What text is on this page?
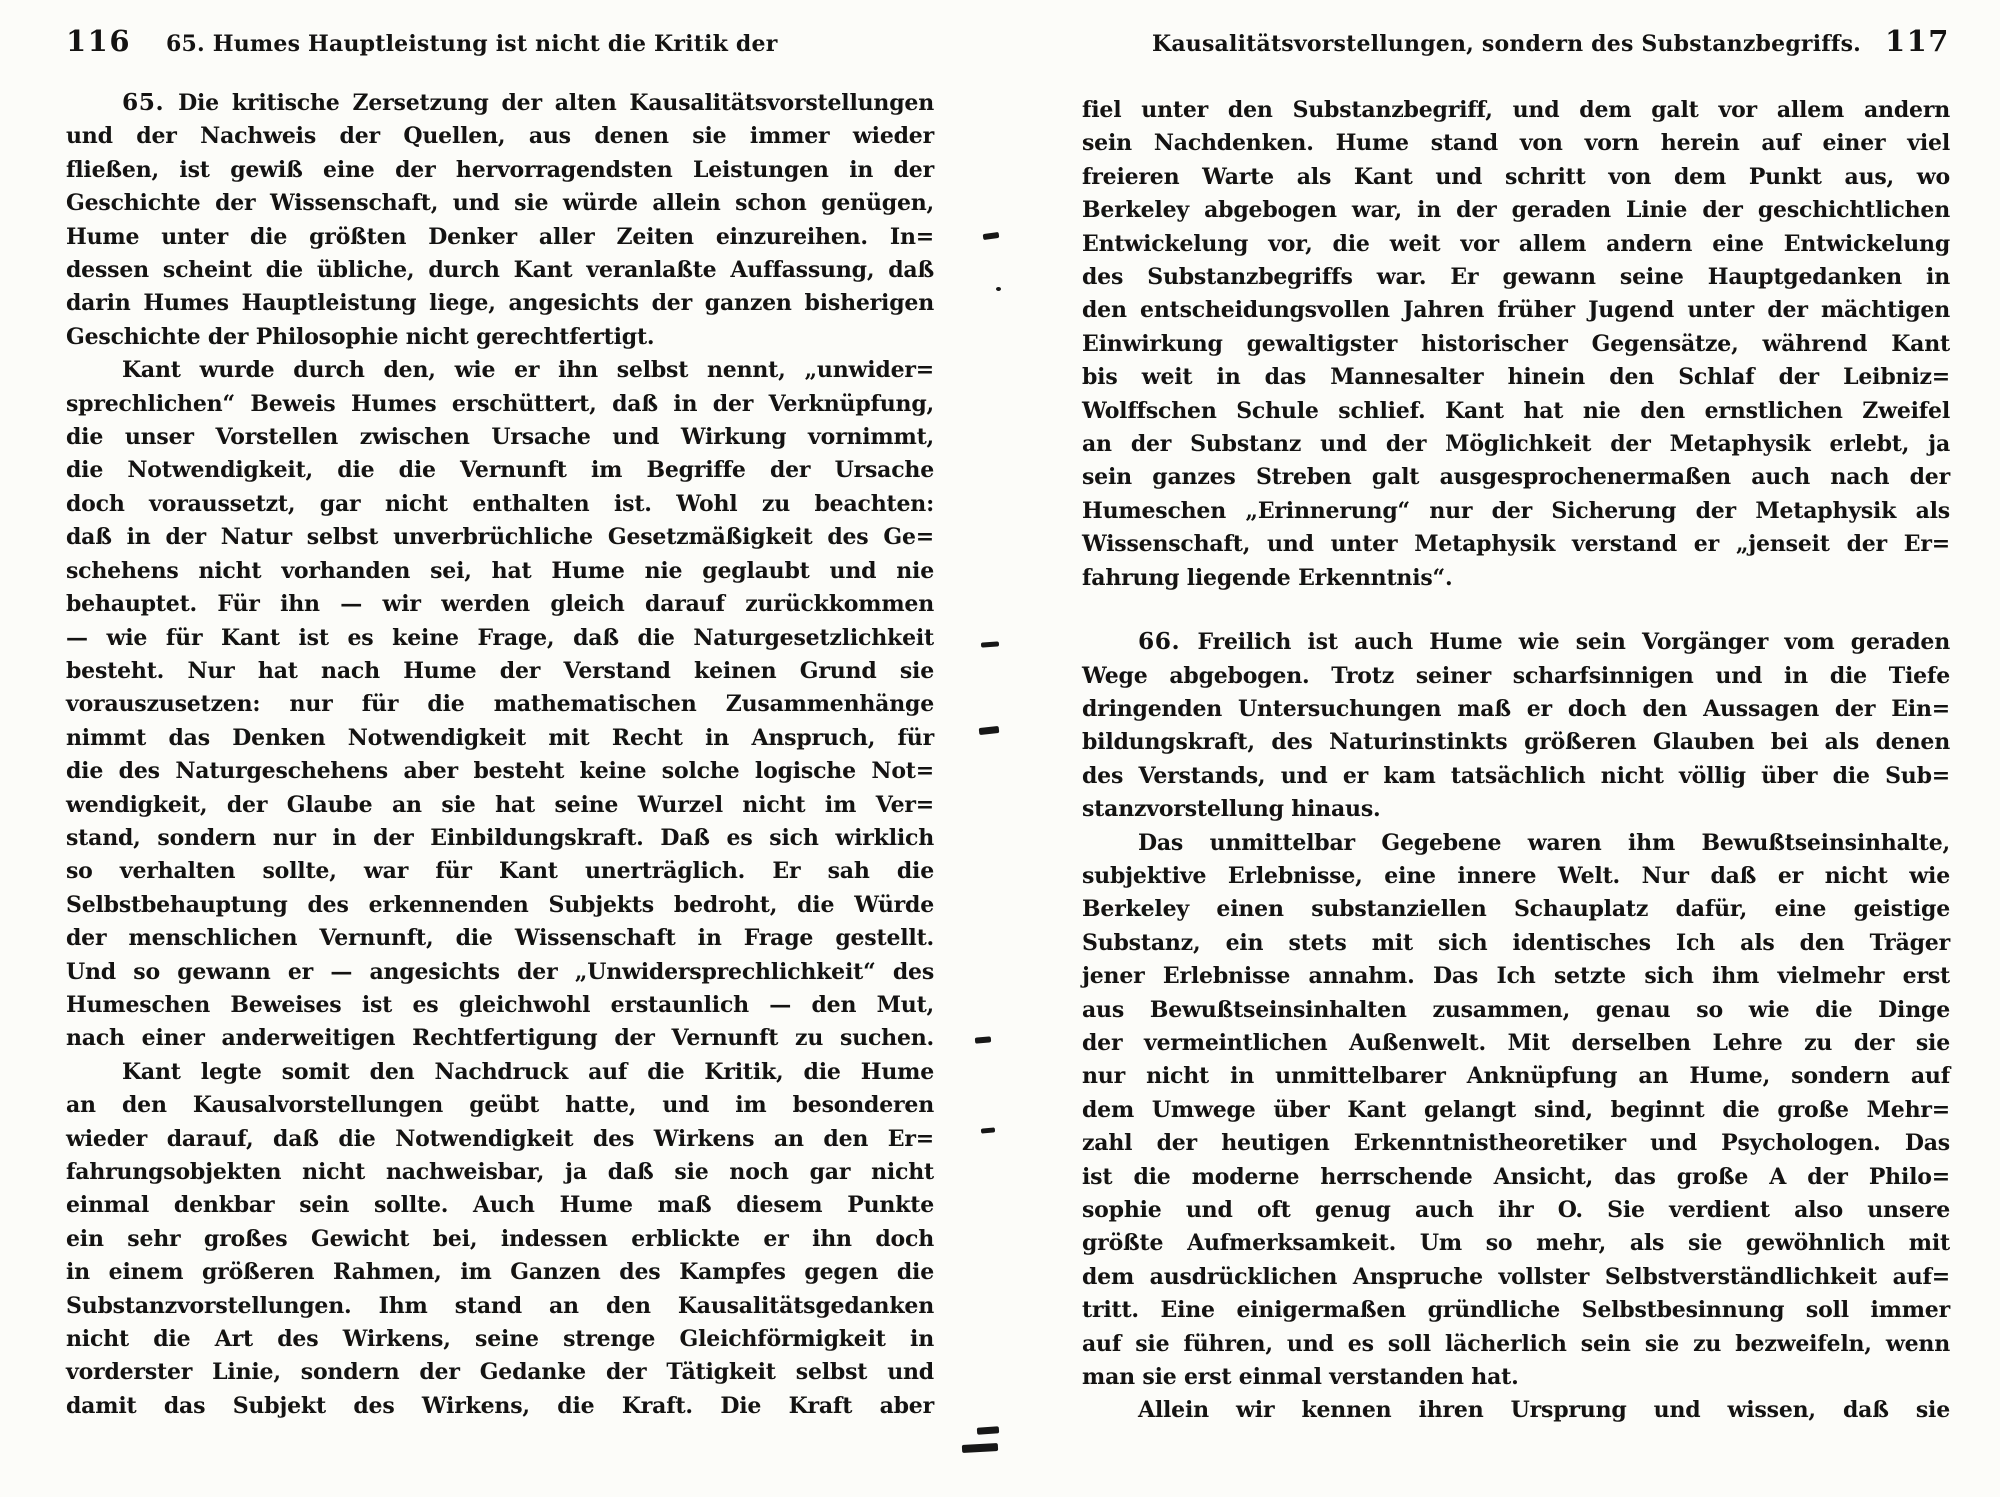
116	65. Humes Hauptleistung ist nicht die Kritik der	Kausalitätsvorstellungen, sondern des Substanzbegriffs. 117
65. Die kritische Zersetzung der alten Kausalitätsvorstellungen
und der Nachweis der Quellen, aus denen sie immer wieder
fließen, ist gewiß eine der hervorragendsten Leistungen in der
Geschichte der Wissenschaft, und sie würde allein schon genügen,
Hume unter die größten Denker aller Zeiten einzureihen. In=
dessen scheint die übliche, durch Kant veranlaßte Auffassung, daß
darin Humes Hauptleistung liege, angesichts der ganzen bisherigen
Geschichte der Philosophie nicht gerechtfertigt.
Kant wurde durch den, wie er ihn selbst nennt, „unwider=
sprechlichen“ Beweis Humes erschüttert, daß in der Verknüpfung,
die unser Vorstellen zwischen Ursache und Wirkung vornimmt,
die Notwendigkeit, die die Vernunft im Begriffe der Ursache
doch voraussetzt, gar nicht enthalten ist. Wohl zu beachten:
daß in der Natur selbst unverbrüchliche Gesetzmäßigkeit des Ge=
schehens nicht vorhanden sei, hat Hume nie geglaubt und nie
behauptet. Für ihn — wir werden gleich darauf zurückkommen
— wie für Kant ist es keine Frage, daß die Naturgesetzlichkeit
besteht. Nur hat nach Hume der Verstand keinen Grund sie
vorauszusetzen: nur für die mathematischen Zusammenhänge
nimmt das Denken Notwendigkeit mit Recht in Anspruch, für
die des Naturgeschehens aber besteht keine solche logische Not=
wendigkeit, der Glaube an sie hat seine Wurzel nicht im Ver=
stand, sondern nur in der Einbildungskraft. Daß es sich wirklich
so verhalten sollte, war für Kant unerträglich. Er sah die
Selbstbehauptung des erkennenden Subjekts bedroht, die Würde
der menschlichen Vernunft, die Wissenschaft in Frage gestellt.
Und so gewann er — angesichts der „Unwidersprechlichkeit“ des
Humeschen Beweises ist es gleichwohl erstaunlich — den Mut,
nach einer anderweitigen Rechtfertigung der Vernunft zu suchen.
Kant legte somit den Nachdruck auf die Kritik, die Hume
an den Kausalvorstellungen geübt hatte, und im besonderen
wieder darauf, daß die Notwendigkeit des Wirkens an den Er=
fahrungsobjekten nicht nachweisbar, ja daß sie noch gar nicht
einmal denkbar sein sollte. Auch Hume maß diesem Punkte
ein sehr großes Gewicht bei, indessen erblickte er ihn doch
in einem größeren Rahmen, im Ganzen des Kampfes gegen die
Substanzvorstellungen. Ihm stand an den Kausalitätsgedanken
nicht die Art des Wirkens, seine strenge Gleichförmigkeit in
vorderster Linie, sondern der Gedanke der Tätigkeit selbst und
damit das Subjekt des Wirkens, die Kraft. Die Kraft aber
fiel unter den Substanzbegriff, und dem galt vor allem andern
sein Nachdenken. Hume stand von vorn herein auf einer viel
freieren Warte als Kant und schritt von dem Punkt aus, wo
Berkeley abgebogen war, in der geraden Linie der geschichtlichen
Entwickelung vor, die weit vor allem andern eine Entwickelung
des Substanzbegriffs war. Er gewann seine Hauptgedanken in
den entscheidungsvollen Jahren früher Jugend unter der mächtigen
Einwirkung gewaltigster historischer Gegensätze, während Kant
bis weit in das Mannesalter hinein den Schlaf der Leibniz=
Wolffschen Schule schlief. Kant hat nie den ernstlichen Zweifel
an der Substanz und der Möglichkeit der Metaphysik erlebt, ja
sein ganzes Streben galt ausgesprochenermaßen auch nach der
Humeschen „Erinnerung“ nur der Sicherung der Metaphysik als
Wissenschaft, und unter Metaphysik verstand er „jenseit der Er=
fahrung liegende Erkenntnis“.
66. Freilich ist auch Hume wie sein Vorgänger vom geraden
Wege abgebogen. Trotz seiner scharfsinnigen und in die Tiefe
dringenden Untersuchungen maß er doch den Aussagen der Ein=
bildungskraft, des Naturinstinkts größeren Glauben bei als denen
des Verstands, und er kam tatsächlich nicht völlig über die Sub=
stanzvorstellung hinaus.
Das unmittelbar Gegebene waren ihm Bewußtseinsinhalte,
subjektive Erlebnisse, eine innere Welt. Nur daß er nicht wie
Berkeley einen substanziellen Schauplatz dafür, eine geistige
Substanz, ein stets mit sich identisches Ich als den Träger
jener Erlebnisse annahm. Das Ich setzte sich ihm vielmehr erst
aus Bewußtseinsinhalten zusammen, genau so wie die Dinge
der vermeintlichen Außenwelt. Mit derselben Lehre zu der sie
nur nicht in unmittelbarer Anknüpfung an Hume, sondern auf
dem Umwege über Kant gelangt sind, beginnt die große Mehr=
zahl der heutigen Erkenntnistheoretiker und Psychologen. Das
ist die moderne herrschende Ansicht, das große A der Philo=
sophie und oft genug auch ihr O. Sie verdient also unsere
größte Aufmerksamkeit. Um so mehr, als sie gewöhnlich mit
dem ausdrücklichen Anspruche vollster Selbstverständlichkeit auf=
tritt. Eine einigermaßen gründliche Selbstbesinnung soll immer
auf sie führen, und es soll lächerlich sein sie zu bezweifeln, wenn
man sie erst einmal verstanden hat.
Allein wir kennen ihren Ursprung und wissen, daß sie
